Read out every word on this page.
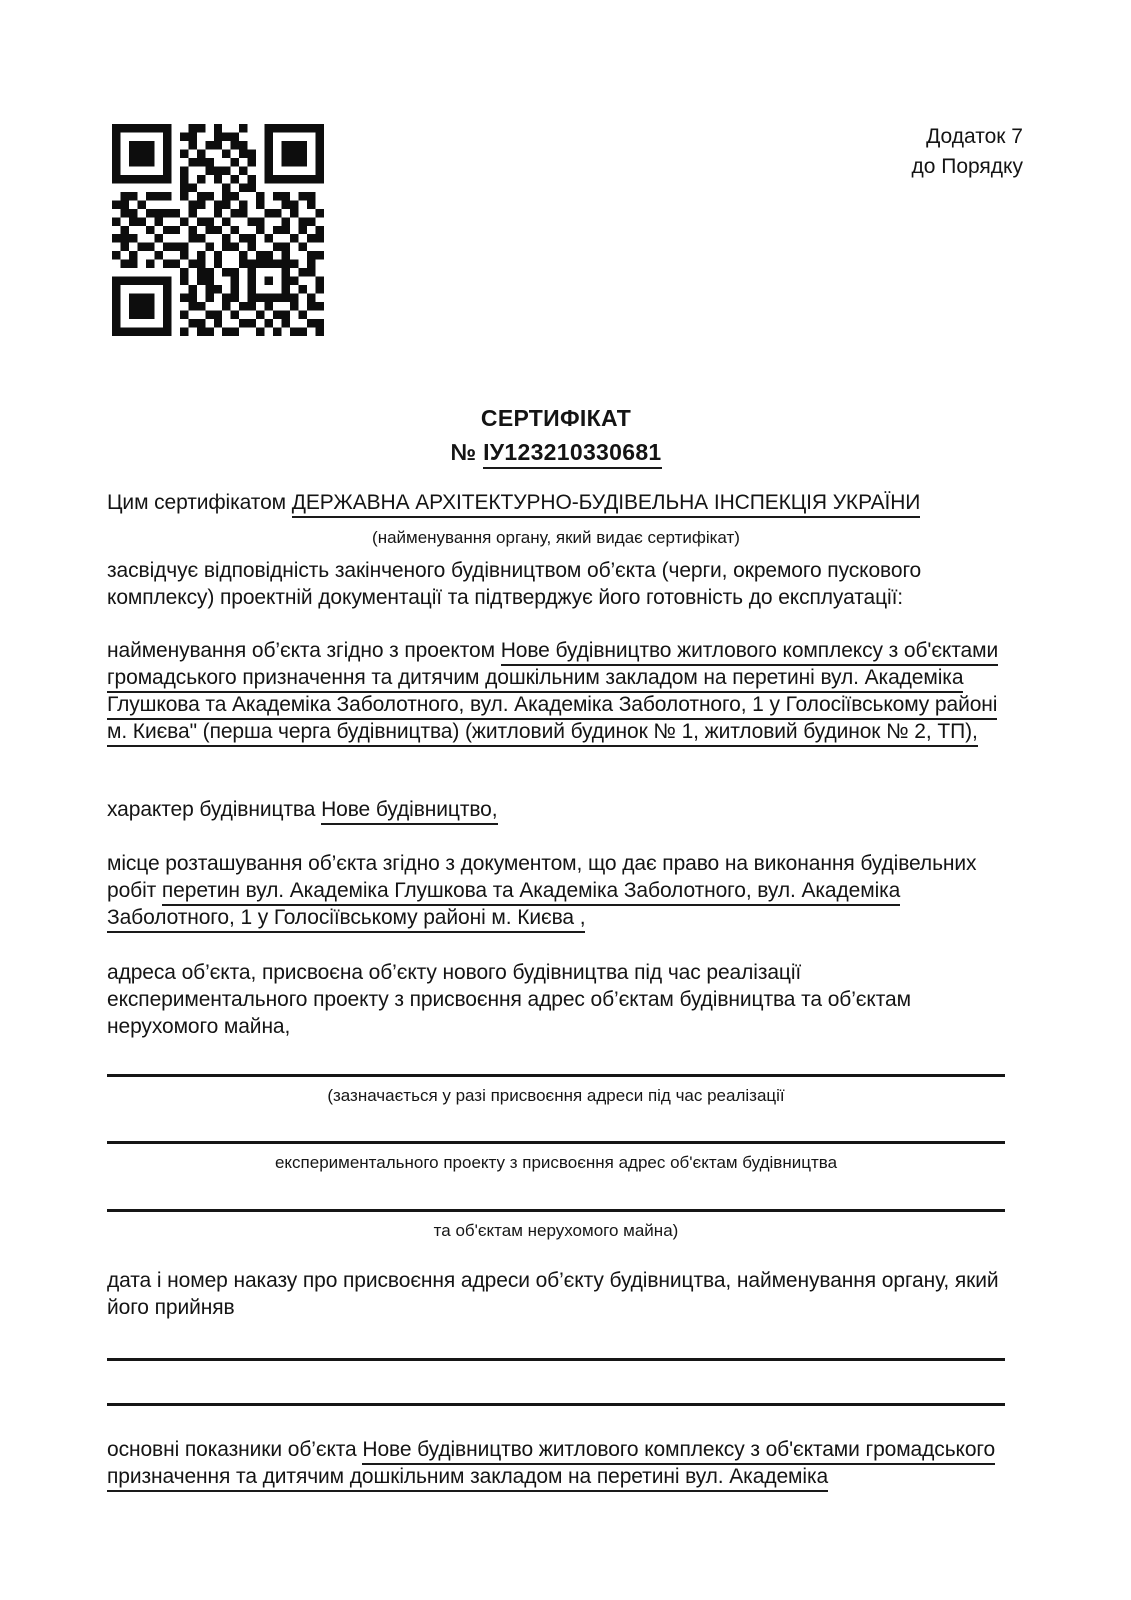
Додаток 7
до Порядку
СЕРТИФІКАТ
№ ІУ123210330681
Цим сертифікатом ДЕРЖАВНА АРХІТЕКТУРНО-БУДІВЕЛЬНА ІНСПЕКЦІЯ УКРАЇНИ
(найменування органу, який видає сертифікат)
засвідчує відповідність закінченого будівництвом об’єкта (черги, окремого пускового комплексу) проектній документації та підтверджує його готовність до експлуатації:
найменування об’єкта згідно з проектом Нове будівництво житлового комплексу з об'єктами громадського призначення та дитячим дошкільним закладом на перетині вул. Академіка Глушкова та Академіка Заболотного, вул. Академіка Заболотного, 1 у Голосіївському районі м. Києва" (перша черга будівництва) (житловий будинок № 1, житловий будинок № 2, ТП),
характер будівництва Нове будівництво,
місце розташування об’єкта згідно з документом, що дає право на виконання будівельних робіт перетин вул. Академіка Глушкова та Академіка Заболотного, вул. Академіка Заболотного, 1 у Голосіївському районі м. Києва ,
адреса об’єкта, присвоєна об’єкту нового будівництва під час реалізації експериментального проекту з присвоєння адрес об’єктам будівництва та об’єктам нерухомого майна,
(зазначається у разі присвоєння адреси під час реалізації
експериментального проекту з присвоєння адрес об'єктам будівництва
та об'єктам нерухомого майна)
дата і номер наказу про присвоєння адреси об’єкту будівництва, найменування органу, який його прийняв
основні показники об’єкта Нове будівництво житлового комплексу з об'єктами громадського призначення та дитячим дошкільним закладом на перетині вул. Академіка
